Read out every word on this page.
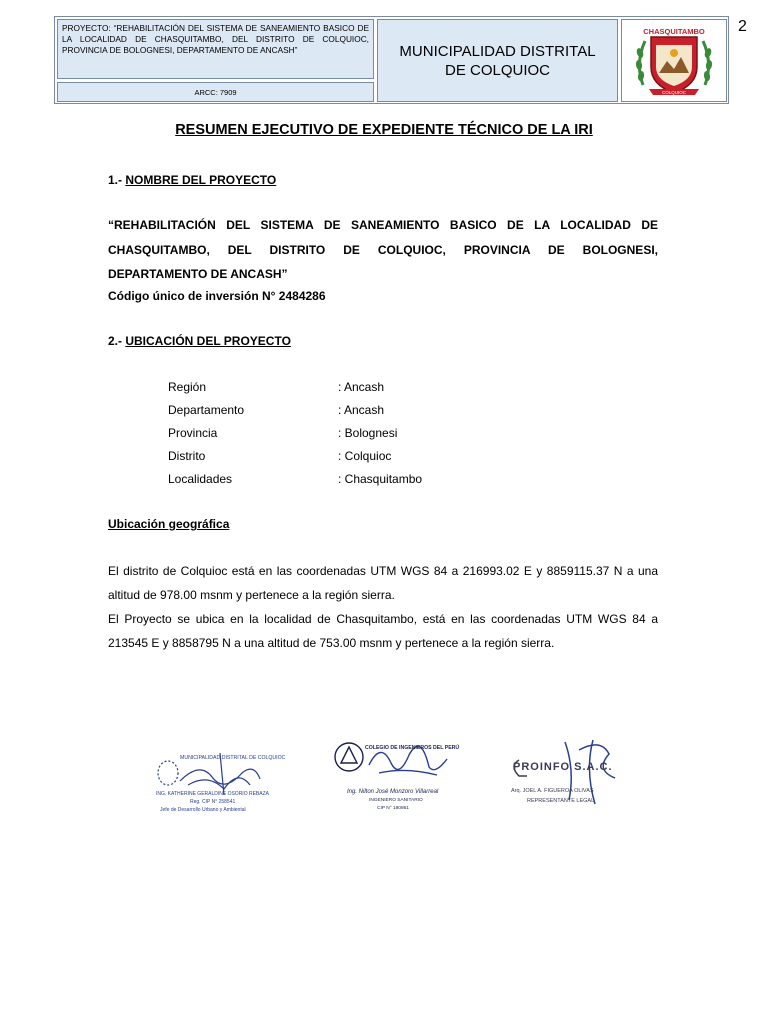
2
PROYECTO: “REHABILITACIÓN DEL SISTEMA DE SANEAMIENTO BASICO DE LA LOCALIDAD DE CHASQUITAMBO, DEL DISTRITO DE COLQUIOC, PROVINCIA DE BOLOGNESI, DEPARTAMENTO DE ANCASH”
ARCC: 7909
MUNICIPALIDAD DISTRITAL DE COLQUIOC
CHASQUITAMBO
COLQUIOC
RESUMEN EJECUTIVO DE EXPEDIENTE TÉCNICO DE LA IRI
1.- NOMBRE DEL PROYECTO
“REHABILITACIÓN DEL SISTEMA DE SANEAMIENTO BASICO DE LA LOCALIDAD DE CHASQUITAMBO, DEL DISTRITO DE COLQUIOC, PROVINCIA DE BOLOGNESI, DEPARTAMENTO DE ANCASH”
Código único de inversión N° 2484286
2.- UBICACIÓN DEL PROYECTO
Región	: Ancash
Departamento	: Ancash
Provincia	: Bolognesi
Distrito	: Colquioc
Localidades	: Chasquitambo
Ubicación geográfica
El distrito de Colquioc está en las coordenadas UTM WGS 84 a 216993.02 E y 8859115.37 N a una altitud de 978.00 msnm y pertenece a la región sierra.
El Proyecto se ubica en la localidad de Chasquitambo, está en las coordenadas UTM WGS 84 a 213545 E y 8858795 N a una altitud de 753.00 msnm y pertenece a la región sierra.
MUNICIPALIDAD DISTRITAL DE COLQUIOC
ING. KATHERINE GERALDINE OSORIO REBAZA
Reg. CIP N° 258541
Jefe de Desarrollo Urbano y Ambiental
COLEGIO DE INGENIEROS DEL PERÚ
Ing. Nilton José Monzoro Villarreal
INGENIERO SANITARIO
CIP N° 180861
PROINFO S.A.C.
Arq. JOEL A. FIGUEROA OLIVAS
REPRESENTANTE LEGAL
